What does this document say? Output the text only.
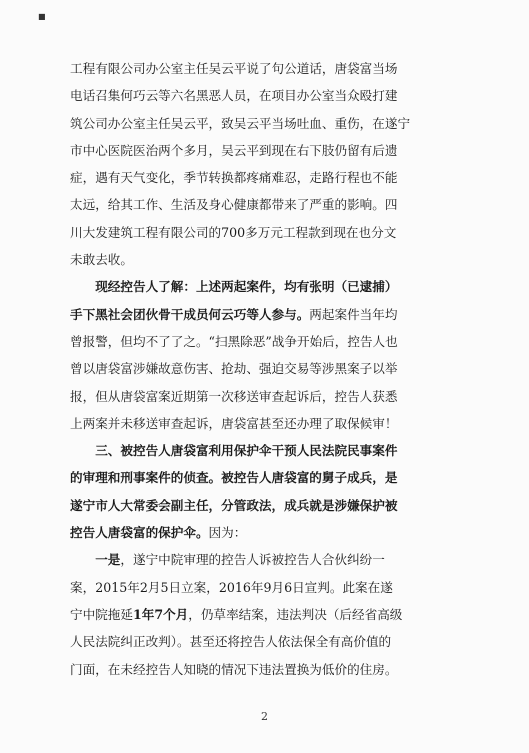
■
工程有限公司办公室主任吴云平说了句公道话，唐袋富当场
电话召集何巧云等六名黑恶人员，在项目办公室当众殴打建
筑公司办公室主任吴云平，致吴云平当场吐血、重伤，在遂宁
市中心医院医治两个多月，吴云平到现在右下肢仍留有后遗
症，遇有天气变化，季节转换都疼痛难忍，走路行程也不能
太远，给其工作、生活及身心健康都带来了严重的影响。四
川大发建筑工程有限公司的700多万元工程款到现在也分文
未敢去收。
　　现经控告人了解：上述两起案件，均有张明（已逮捕）
手下黑社会团伙骨干成员何云巧等人参与。两起案件当年均
曾报警，但均不了了之。“扫黑除恶”战争开始后，控告人也
曾以唐袋富涉嫌故意伤害、抢劫、强迫交易等涉黑案子以举
报，但从唐袋富案近期第一次移送审查起诉后，控告人获悉
上两案并未移送审查起诉，唐袋富甚至还办理了取保候审！
　　三、被控告人唐袋富利用保护伞干预人民法院民事案件
的审理和刑事案件的侦查。被控告人唐袋富的舅子成兵，是
遂宁市人大常委会副主任，分管政法，成兵就是涉嫌保护被
控告人唐袋富的保护伞。因为：
　　一是，遂宁中院审理的控告人诉被控告人合伙纠纷一
案，2015年2月5日立案，2016年9月6日宣判。此案在遂
宁中院拖延1年7个月，仍草率结案，违法判决（后经省高级
人民法院纠正改判）。甚至还将控告人依法保全有高价值的
门面，在未经控告人知晓的情况下违法置换为低价的住房。
2
